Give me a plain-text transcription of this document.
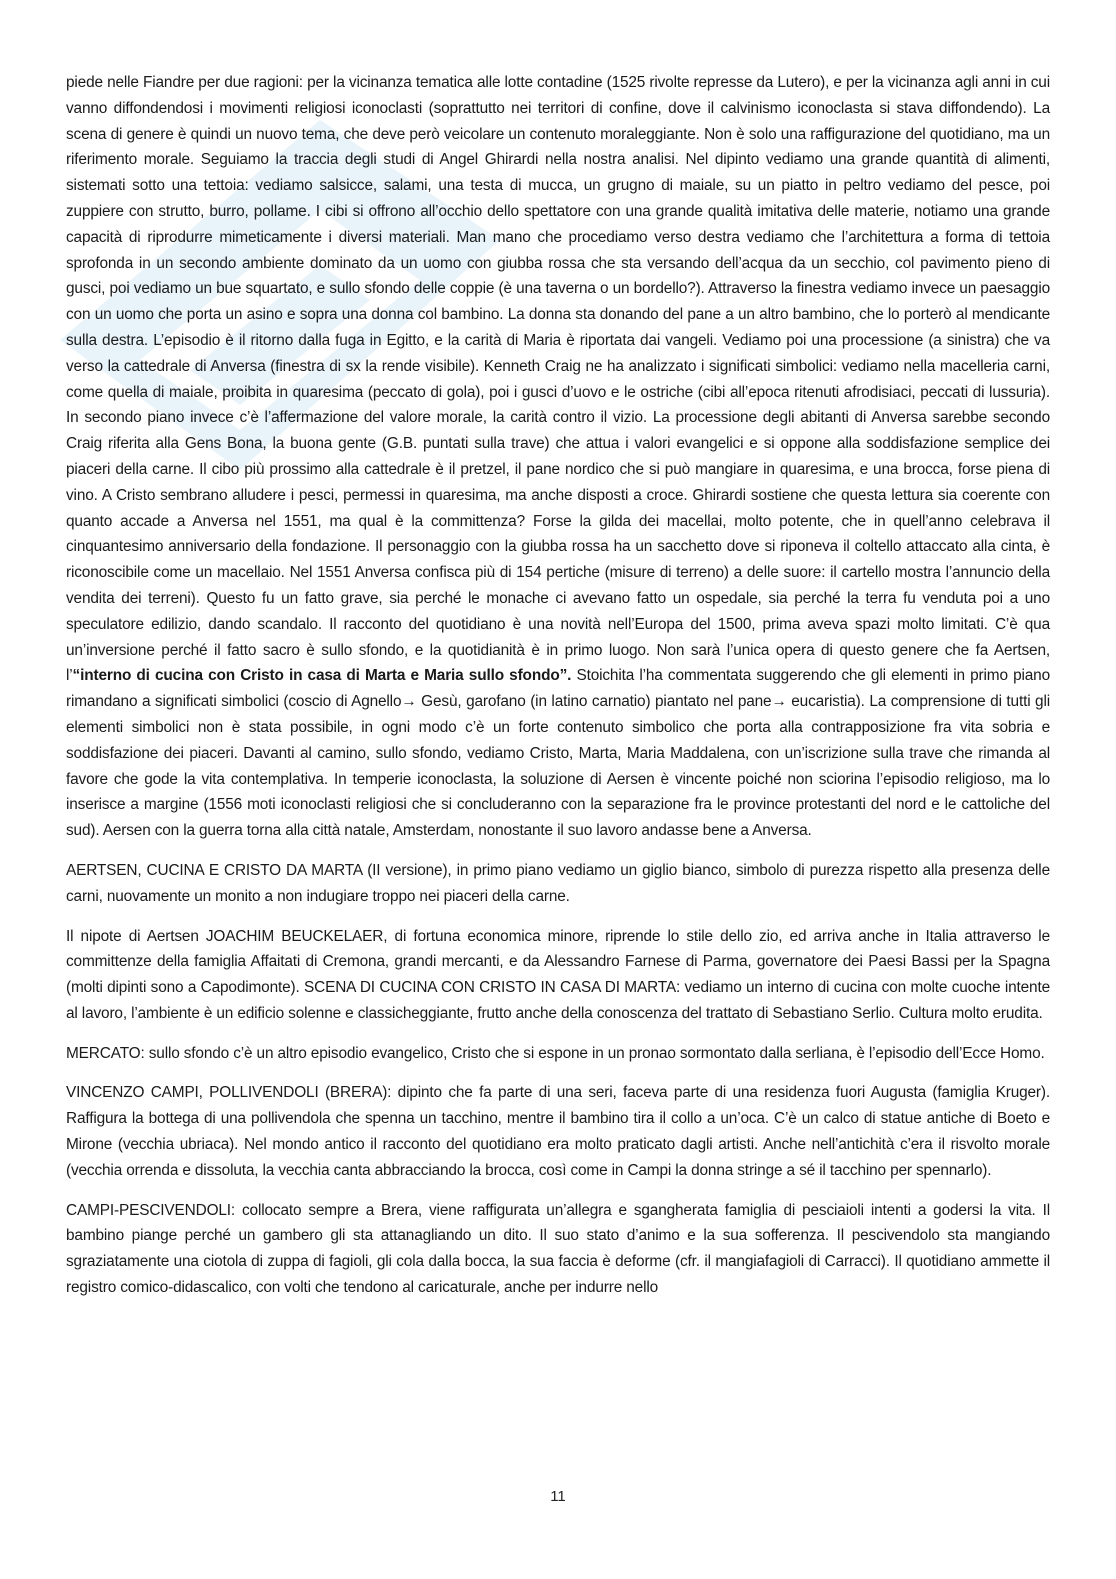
piede nelle Fiandre per due ragioni: per la vicinanza tematica alle lotte contadine (1525 rivolte represse da Lutero), e per la vicinanza agli anni in cui vanno diffondendosi i movimenti religiosi iconoclasti (soprattutto nei territori di confine, dove il calvinismo iconoclasta si stava diffondendo). La scena di genere è quindi un nuovo tema, che deve però veicolare un contenuto moraleggiante. Non è solo una raffigurazione del quotidiano, ma un riferimento morale. Seguiamo la traccia degli studi di Angel Ghirardi nella nostra analisi. Nel dipinto vediamo una grande quantità di alimenti, sistemati sotto una tettoia: vediamo salsicce, salami, una testa di mucca, un grugno di maiale, su un piatto in peltro vediamo del pesce, poi zuppiere con strutto, burro, pollame. I cibi si offrono all’occhio dello spettatore con una grande qualità imitativa delle materie, notiamo una grande capacità di riprodurre mimeticamente i diversi materiali. Man mano che procediamo verso destra vediamo che l’architettura a forma di tettoia sprofonda in un secondo ambiente dominato da un uomo con giubba rossa che sta versando dell’acqua da un secchio, col pavimento pieno di gusci, poi vediamo un bue squartato, e sullo sfondo delle coppie (è una taverna o un bordello?). Attraverso la finestra vediamo invece un paesaggio con un uomo che porta un asino e sopra una donna col bambino. La donna sta donando del pane a un altro bambino, che lo porterò al mendicante sulla destra. L’episodio è il ritorno dalla fuga in Egitto, e la carità di Maria è riportata dai vangeli. Vediamo poi una processione (a sinistra) che va verso la cattedrale di Anversa (finestra di sx la rende visibile). Kenneth Craig ne ha analizzato i significati simbolici: vediamo nella macelleria carni, come quella di maiale, proibita in quaresima (peccato di gola), poi i gusci d’uovo e le ostriche (cibi all’epoca ritenuti afrodisiaci, peccati di lussuria). In secondo piano invece c’è l’affermazione del valore morale, la carità contro il vizio. La processione degli abitanti di Anversa sarebbe secondo Craig riferita alla Gens Bona, la buona gente (G.B. puntati sulla trave) che attua i valori evangelici e si oppone alla soddisfazione semplice dei piaceri della carne. Il cibo più prossimo alla cattedrale è il pretzel, il pane nordico che si può mangiare in quaresima, e una brocca, forse piena di vino. A Cristo sembrano alludere i pesci, permessi in quaresima, ma anche disposti a croce. Ghirardi sostiene che questa lettura sia coerente con quanto accade a Anversa nel 1551, ma qual è la committenza? Forse la gilda dei macellai, molto potente, che in quell’anno celebrava il cinquantesimo anniversario della fondazione. Il personaggio con la giubba rossa ha un sacchetto dove si riponeva il coltello attaccato alla cinta, è riconoscibile come un macellaio. Nel 1551 Anversa confisca più di 154 pertiche (misure di terreno) a delle suore: il cartello mostra l’annuncio della vendita dei terreni). Questo fu un fatto grave, sia perché le monache ci avevano fatto un ospedale, sia perché la terra fu venduta poi a uno speculatore edilizio, dando scandalo. Il racconto del quotidiano è una novità nell’Europa del 1500, prima aveva spazi molto limitati. C’è qua un’inversione perché il fatto sacro è sullo sfondo, e la quotidianità è in primo luogo. Non sarà l’unica opera di questo genere che fa Aertsen, l’“interno di cucina con Cristo in casa di Marta e Maria sullo sfondo”. Stoichita l’ha commentata suggerendo che gli elementi in primo piano rimandano a significati simbolici (coscio di Agnello→ Gesù, garofano (in latino carnatio) piantato nel pane→ eucaristia). La comprensione di tutti gli elementi simbolici non è stata possibile, in ogni modo c’è un forte contenuto simbolico che porta alla contrapposizione fra vita sobria e soddisfazione dei piaceri. Davanti al camino, sullo sfondo, vediamo Cristo, Marta, Maria Maddalena, con un’iscrizione sulla trave che rimanda al favore che gode la vita contemplativa. In temperie iconoclasta, la soluzione di Aersen è vincente poiché non sciorina l’episodio religioso, ma lo inserisce a margine (1556 moti iconoclasti religiosi che si concluderanno con la separazione fra le province protestanti del nord e le cattoliche del sud). Aersen con la guerra torna alla città natale, Amsterdam, nonostante il suo lavoro andasse bene a Anversa.

AERTSEN, CUCINA E CRISTO DA MARTA (II versione), in primo piano vediamo un giglio bianco, simbolo di purezza rispetto alla presenza delle carni, nuovamente un monito a non indugiare troppo nei piaceri della carne.

Il nipote di Aertsen JOACHIM BEUCKELAER, di fortuna economica minore, riprende lo stile dello zio, ed arriva anche in Italia attraverso le committenze della famiglia Affaitati di Cremona, grandi mercanti, e da Alessandro Farnese di Parma, governatore dei Paesi Bassi per la Spagna (molti dipinti sono a Capodimonte). SCENA DI CUCINA CON CRISTO IN CASA DI MARTA: vediamo un interno di cucina con molte cuoche intente al lavoro, l’ambiente è un edificio solenne e classicheggiante, frutto anche della conoscenza del trattato di Sebastiano Serlio. Cultura molto erudita.

MERCATO: sullo sfondo c’è un altro episodio evangelico, Cristo che si espone in un pronao sormontato dalla serliana, è l’episodio dell’Ecce Homo.

VINCENZO CAMPI, POLLIVENDOLI (BRERA): dipinto che fa parte di una seri, faceva parte di una residenza fuori Augusta (famiglia Kruger). Raffigura la bottega di una pollivendola che spenna un tacchino, mentre il bambino tira il collo a un’oca. C’è un calco di statue antiche di Boeto e Mirone (vecchia ubriaca). Nel mondo antico il racconto del quotidiano era molto praticato dagli artisti. Anche nell’antichità c’era il risvolto morale (vecchia orrenda e dissoluta, la vecchia canta abbracciando la brocca, così come in Campi la donna stringe a sé il tacchino per spennarlo).

CAMPI-PESCIVENDOLI: collocato sempre a Brera, viene raffigurata un’allegra e sgangherata famiglia di pesciaioli intenti a godersi la vita. Il bambino piange perché un gambero gli sta attanagliando un dito. Il suo stato d’animo e la sua sofferenza. Il pescivendolo sta mangiando sgraziatamente una ciotola di zuppa di fagioli, gli cola dalla bocca, la sua faccia è deforme (cfr. il mangiafagioli di Carracci). Il quotidiano ammette il registro comico-didascalico, con volti che tendono al caricaturale, anche per indurre nello

11
